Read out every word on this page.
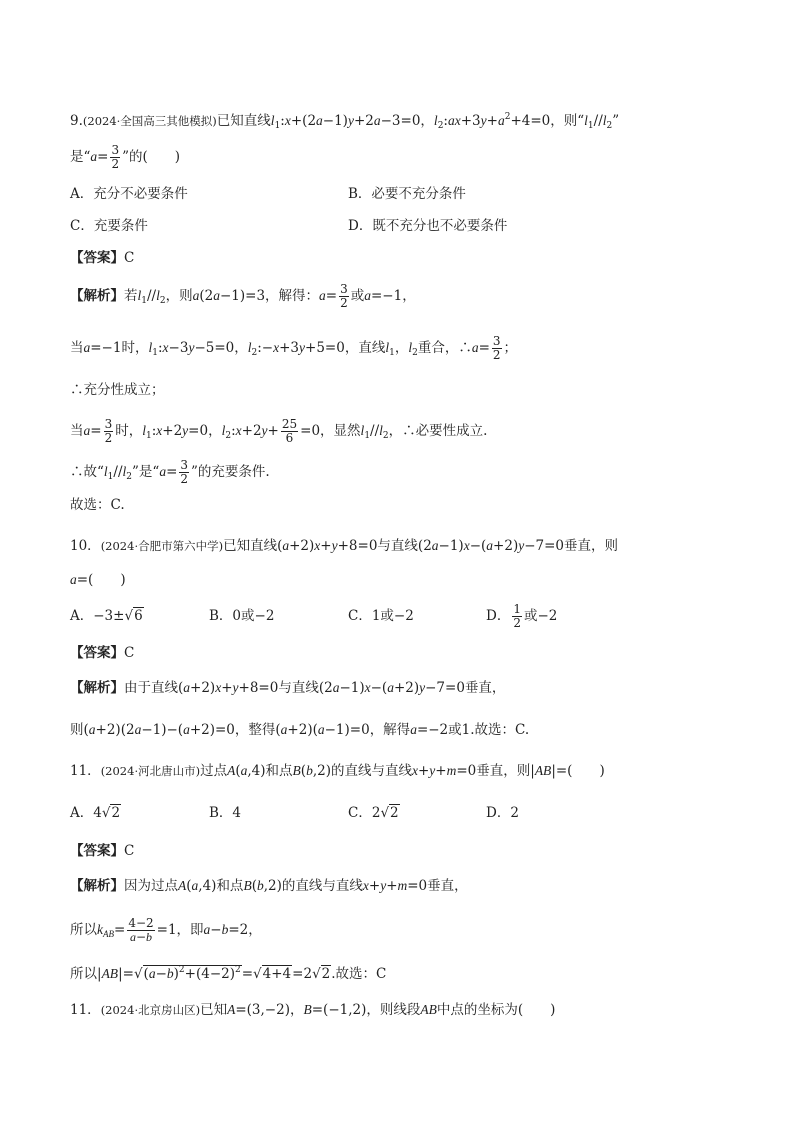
9.(2024·全国高三其他模拟)已知直线$l_1:x+(2a-1)y+2a-3=0$，$l_2:ax+3y+a^2+4=0$，则“$l_1//l_2$”
是“$a= \frac{3}{2}$ ”的(　　)
A．充分不必要条件	B．必要不充分条件
C．充要条件	D．既不充分也不必要条件
【答案】C
【解析】若$l_1//l_2$，则a(2a−1)=3，解得：$a= \frac{3}{2}$ 或a=−1，
当a=−1时，$l_1:x-3y-5=0$，$l_2:-x+3y+5=0$，直线$l_1$，$l_2$重合，∴a= $\frac{3}{2}$ ；
∴充分性成立；
当$a= \frac{3}{2}$ 时，$l_1:x+2y=0$，$l_2:x+2y+ \frac{25}{6} =0$，显然$l_1//l_2$，∴必要性成立.
∴故“$l_1//l_2$”是“$a= \frac{3}{2}$ ”的充要条件.
故选：C.
10．(2024·合肥市第六中学)已知直线(a+2)x+y+8=0与直线(2a−1)x−(a+2)y−7=0垂直，则
a=(　　)
A．−3±√6	B．0或−2	C．1或−2	D． $\frac{1}{2}$ 或−2
【答案】C
【解析】由于直线(a+2)x+y+8=0与直线(2a−1)x−(a+2)y−7=0垂直，
则(a+2)(2a−1)−(a+2)=0，整得(a+2)(a−1)=0，解得a=−2或1.故选：C.
11．(2024·河北唐山市)过点A(a,4)和点B(b,2)的直线与直线x+y+m=0垂直，则|AB|=(　　)
A．4√2	B．4	C．2√2	D．2
【答案】C
【解析】因为过点A(a,4)和点B(b,2)的直线与直线x+y+m=0垂直，
所以$k_{AB}= \frac{4-2}{a-b} =1$，即a−b=2，
所以$|AB|=√(a-b)^2+(4-2)^2=√4+4=2√2$.故选：C
11．(2024·北京房山区)已知A=(3,−2)，B=(−1,2)，则线段AB中点的坐标为(　　)
